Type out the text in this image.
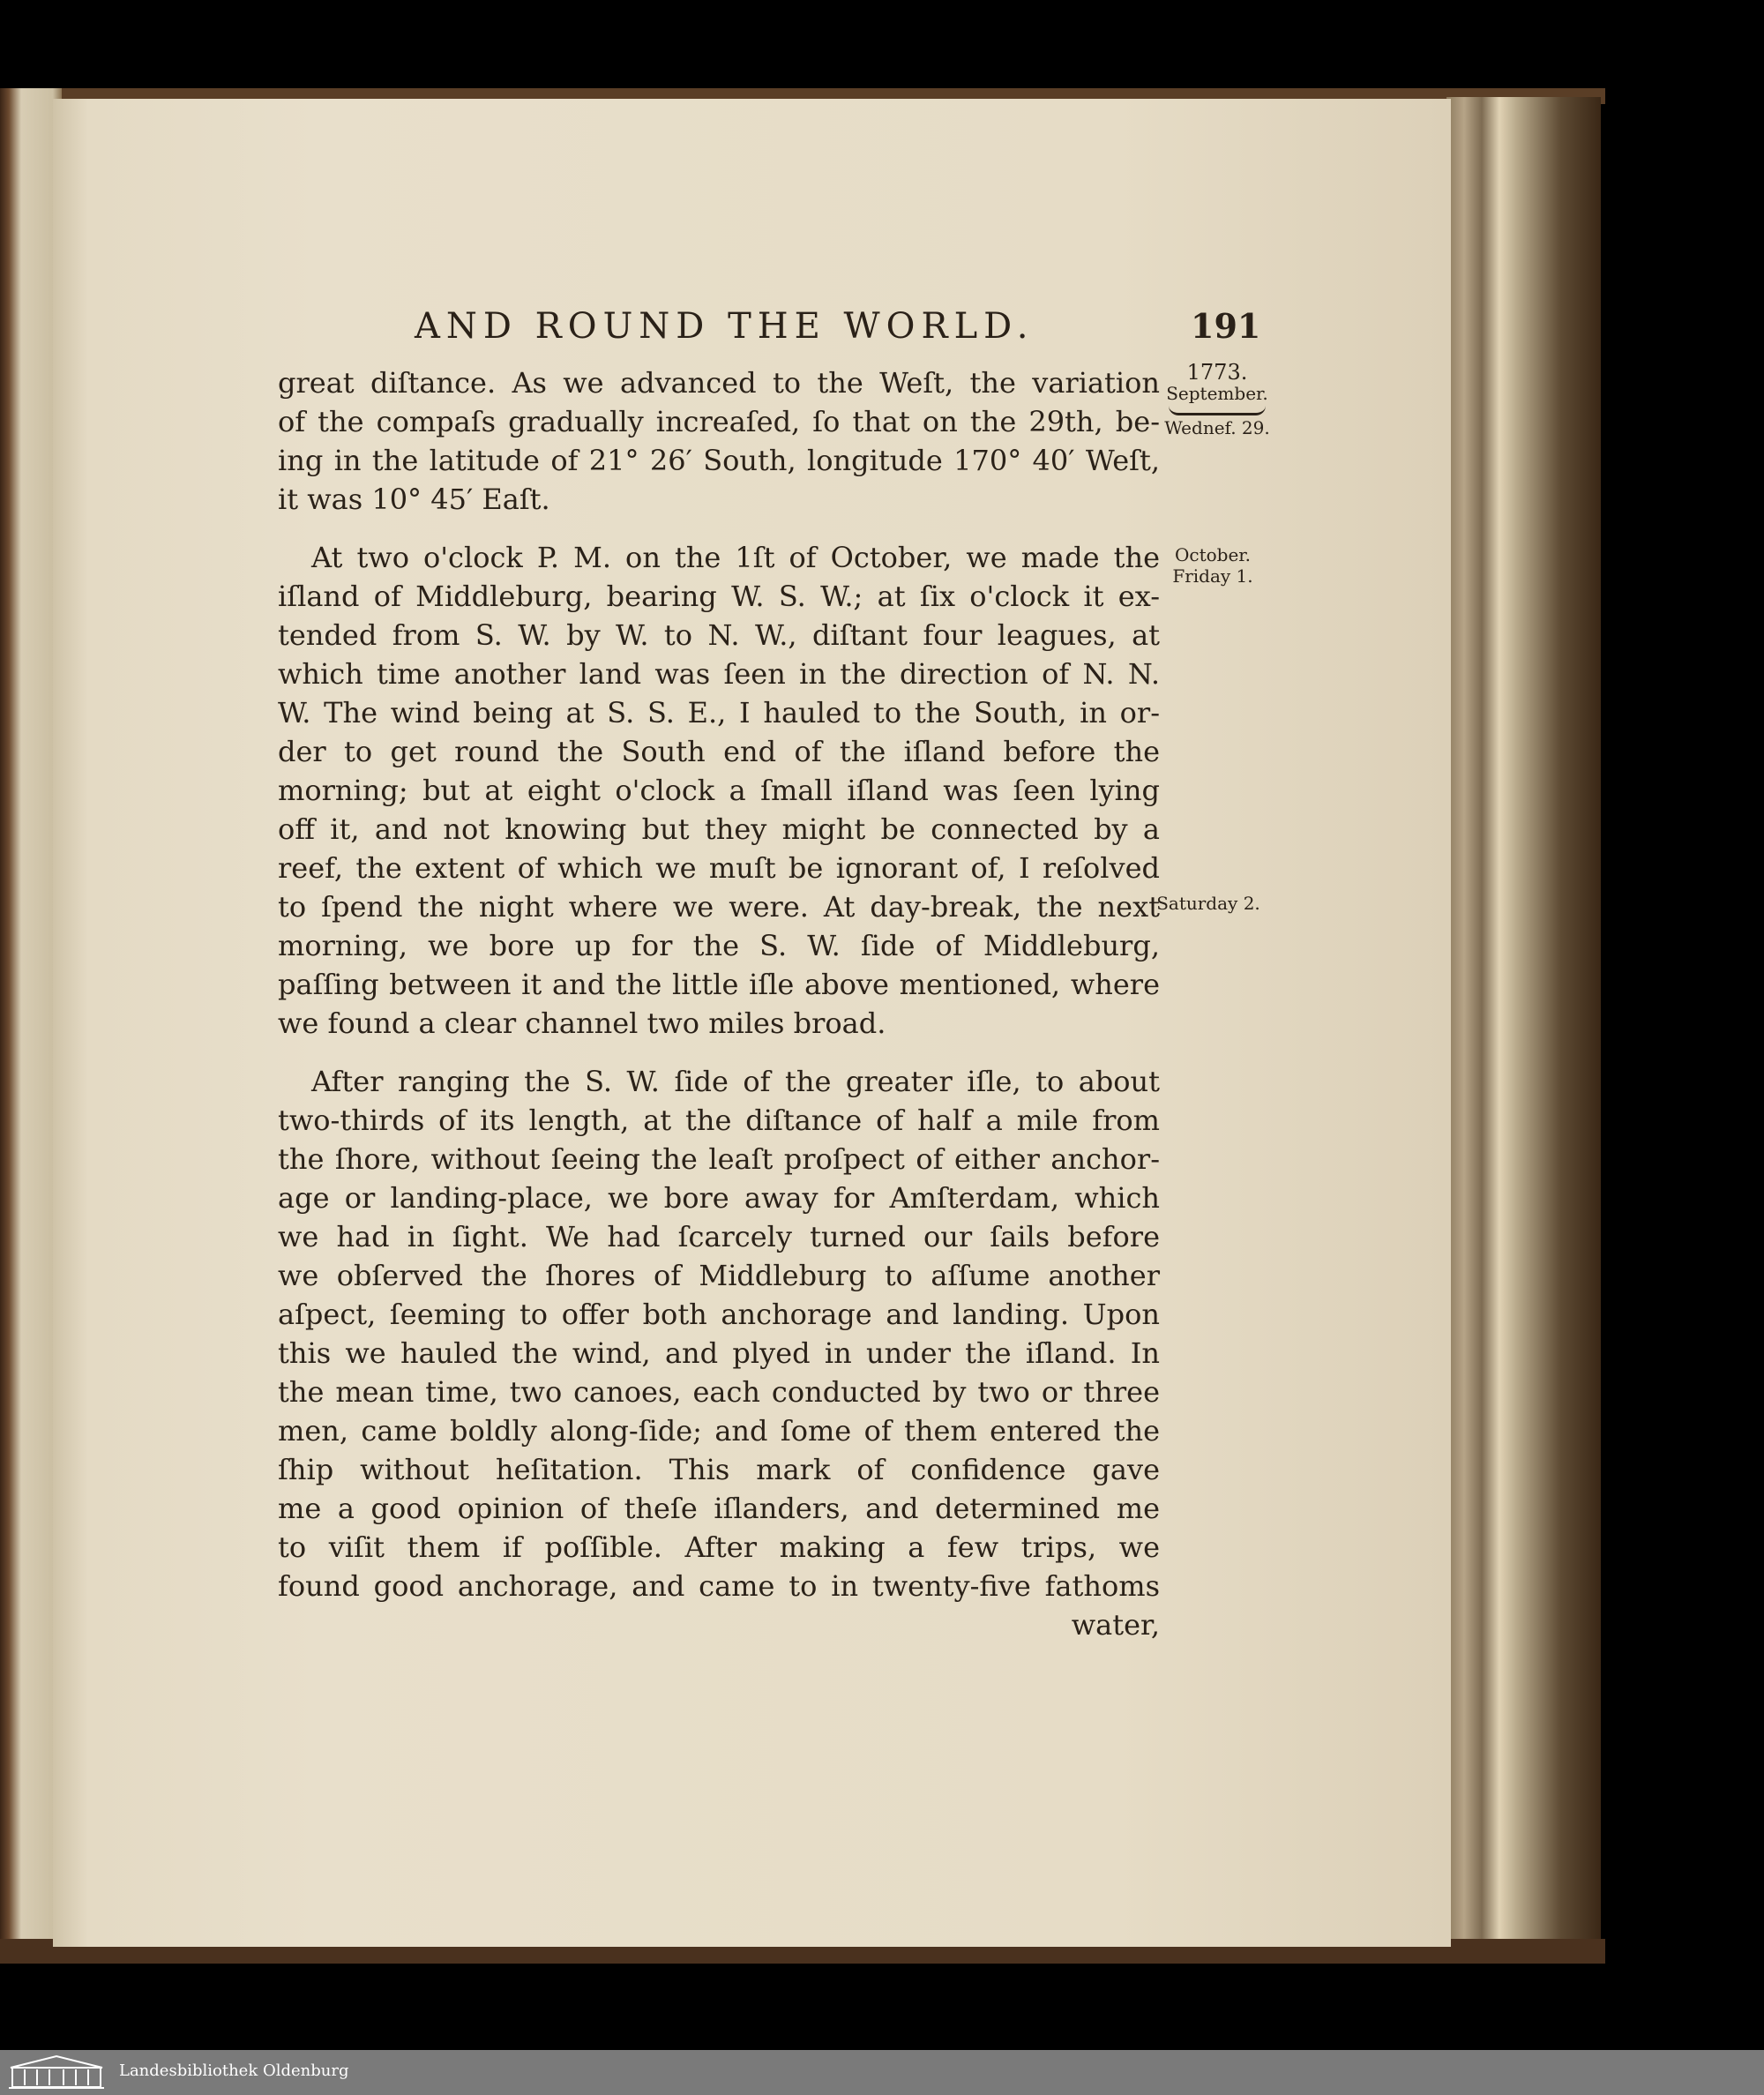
AND ROUND THE WORLD.	191
1773.
September.
Wednef. 29.
October.
Friday 1.
Saturday 2.
great diſtance. As we advanced to the Weſt, the variation
of the compaſs gradually increaſed, ſo that on the 29th, be-
ing in the latitude of 21° 26′ South, longitude 170° 40′ Weſt,
it was 10° 45′ Eaſt.
At two o'clock P. M. on the 1ſt of October, we made the
iſland of Middleburg, bearing W. S. W.; at ſix o'clock it ex-
tended from S. W. by W. to N. W., diſtant four leagues, at
which time another land was ſeen in the direction of N. N.
W. The wind being at S. S. E., I hauled to the South, in or-
der to get round the South end of the iſland before the
morning; but at eight o'clock a ſmall iſland was ſeen lying
off it, and not knowing but they might be connected by a
reef, the extent of which we muſt be ignorant of, I reſolved
to ſpend the night where we were. At day-break, the next
morning, we bore up for the S. W. ſide of Middleburg,
paſſing between it and the little iſle above mentioned, where
we found a clear channel two miles broad.
After ranging the S. W. ſide of the greater iſle, to about
two-thirds of its length, at the diſtance of half a mile from
the ſhore, without ſeeing the leaſt proſpect of either anchor-
age or landing-place, we bore away for Amſterdam, which
we had in ſight. We had ſcarcely turned our ſails before
we obſerved the ſhores of Middleburg to aſſume another
aſpect, ſeeming to offer both anchorage and landing. Upon
this we hauled the wind, and plyed in under the iſland. In
the mean time, two canoes, each conducted by two or three
men, came boldly along-ſide; and ſome of them entered the
ſhip without heſitation. This mark of confidence gave
me a good opinion of theſe iſlanders, and determined me
to viſit them if poſſible. After making a few trips, we
found good anchorage, and came to in twenty-five fathoms
water,
Landesbibliothek Oldenburg
